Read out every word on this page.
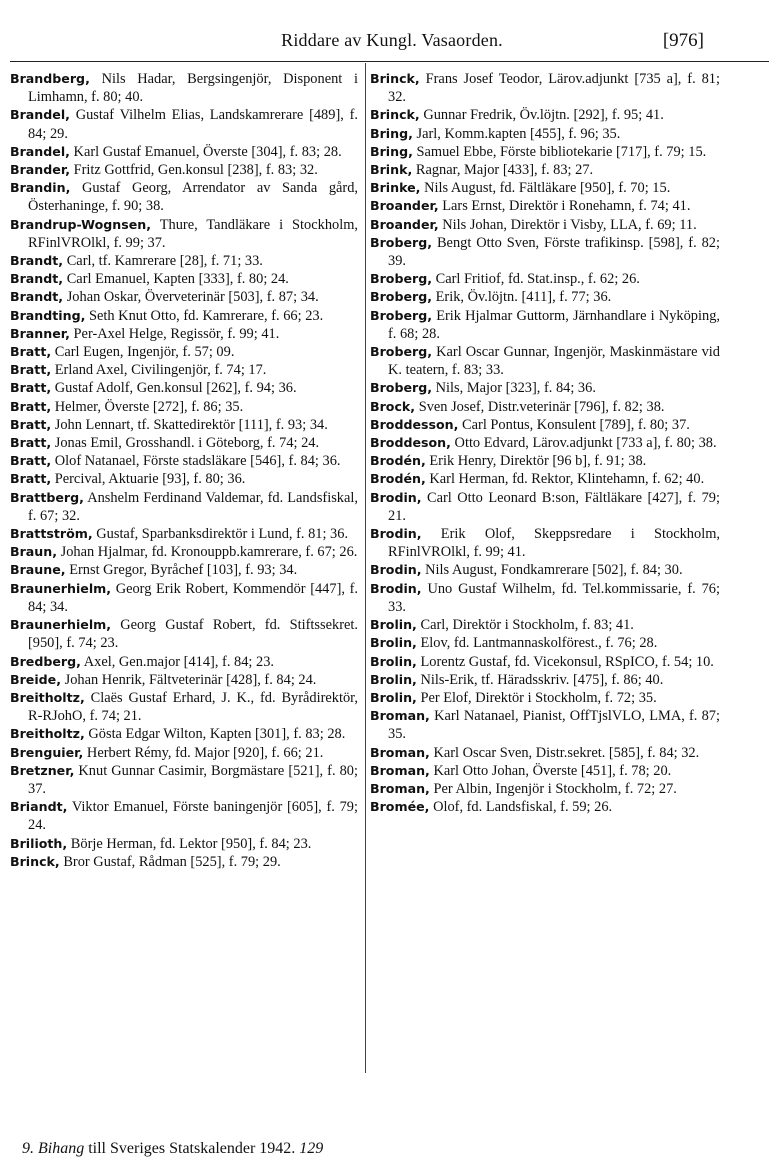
Riddare av Kungl. Vasaorden.	[976]

Brandberg, Nils Hadar, Bergsingenjör, Disponent i Limhamn, f. 80; 40.

Brandel, Gustaf Vilhelm Elias, Landskamrerare [489], f. 84; 29.

Brandel, Karl Gustaf Emanuel, Överste [304], f. 83; 28.

Brander, Fritz Gottfrid, Gen.konsul [238], f. 83; 32.

Brandin, Gustaf Georg, Arrendator av Sanda gård, Österhaninge, f. 90; 38.

Brandrup-Wognsen, Thure, Tandläkare i Stockholm, RFinlVROlkl, f. 99; 37.

Brandt, Carl, tf. Kamrerare [28], f. 71; 33.

Brandt, Carl Emanuel, Kapten [333], f. 80; 24.

Brandt, Johan Oskar, Överveterinär [503], f. 87; 34.

Brandting, Seth Knut Otto, fd. Kamrerare, f. 66; 23.

Branner, Per-Axel Helge, Regissör, f. 99; 41.

Bratt, Carl Eugen, Ingenjör, f. 57; 09.

Bratt, Erland Axel, Civilingenjör, f. 74; 17.

Bratt, Gustaf Adolf, Gen.konsul [262], f. 94; 36.

Bratt, Helmer, Överste [272], f. 86; 35.

Bratt, John Lennart, tf. Skattedirektör [111], f. 93; 34.

Bratt, Jonas Emil, Grosshandl. i Göteborg, f. 74; 24.

Bratt, Olof Natanael, Förste stadsläkare [546], f. 84; 36.

Bratt, Percival, Aktuarie [93], f. 80; 36.

Brattberg, Anshelm Ferdinand Valdemar, fd. Landsfiskal, f. 67; 32.

Brattström, Gustaf, Sparbanksdirektör i Lund, f. 81; 36.

Braun, Johan Hjalmar, fd. Kronouppb.kamrerare, f. 67; 26.

Braune, Ernst Gregor, Byråchef [103], f. 93; 34.

Braunerhielm, Georg Erik Robert, Kommendör [447], f. 84; 34.

Braunerhielm, Georg Gustaf Robert, fd. Stiftssekret. [950], f. 74; 23.

Bredberg, Axel, Gen.major [414], f. 84; 23.

Breide, Johan Henrik, Fältveterinär [428], f. 84; 24.

Breitholtz, Claës Gustaf Erhard, J. K., fd. Byrådirektör, R-RJohO, f. 74; 21.

Breitholtz, Gösta Edgar Wilton, Kapten [301], f. 83; 28.

Brenguier, Herbert Rémy, fd. Major [920], f. 66; 21.

Bretzner, Knut Gunnar Casimir, Borgmästare [521], f. 80; 37.

Briandt, Viktor Emanuel, Förste baningenjör [605], f. 79; 24.

Brilioth, Börje Herman, fd. Lektor [950], f. 84; 23.

Brinck, Bror Gustaf, Rådman [525], f. 79; 29.

Brinck, Frans Josef Teodor, Lärov.adjunkt [735 a], f. 81; 32.

Brinck, Gunnar Fredrik, Öv.löjtn. [292], f. 95; 41.

Bring, Jarl, Komm.kapten [455], f. 96; 35.

Bring, Samuel Ebbe, Förste bibliotekarie [717], f. 79; 15.

Brink, Ragnar, Major [433], f. 83; 27.

Brinke, Nils August, fd. Fältläkare [950], f. 70; 15.

Broander, Lars Ernst, Direktör i Ronehamn, f. 74; 41.

Broander, Nils Johan, Direktör i Visby, LLA, f. 69; 11.

Broberg, Bengt Otto Sven, Förste trafikinsp. [598], f. 82; 39.

Broberg, Carl Fritiof, fd. Stat.insp., f. 62; 26.

Broberg, Erik, Öv.löjtn. [411], f. 77; 36.

Broberg, Erik Hjalmar Guttorm, Järnhandlare i Nyköping, f. 68; 28.

Broberg, Karl Oscar Gunnar, Ingenjör, Maskinmästare vid K. teatern, f. 83; 33.

Broberg, Nils, Major [323], f. 84; 36.

Brock, Sven Josef, Distr.veterinär [796], f. 82; 38.

Broddesson, Carl Pontus, Konsulent [789], f. 80; 37.

Broddeson, Otto Edvard, Lärov.adjunkt [733 a], f. 80; 38.

Brodén, Erik Henry, Direktör [96 b], f. 91; 38.

Brodén, Karl Herman, fd. Rektor, Klintehamn, f. 62; 40.

Brodin, Carl Otto Leonard B:son, Fältläkare [427], f. 79; 21.

Brodin, Erik Olof, Skeppsredare i Stockholm, RFinlVROlkl, f. 99; 41.

Brodin, Nils August, Fondkamrerare [502], f. 84; 30.

Brodin, Uno Gustaf Wilhelm, fd. Tel.kommissarie, f. 76; 33.

Brolin, Carl, Direktör i Stockholm, f. 83; 41.

Brolin, Elov, fd. Lantmannaskolförest., f. 76; 28.

Brolin, Lorentz Gustaf, fd. Vicekonsul, RSpICO, f. 54; 10.

Brolin, Nils-Erik, tf. Häradsskriv. [475], f. 86; 40.

Brolin, Per Elof, Direktör i Stockholm, f. 72; 35.

Broman, Karl Natanael, Pianist, OffTjslVLO, LMA, f. 87; 35.

Broman, Karl Oscar Sven, Distr.sekret. [585], f. 84; 32.

Broman, Karl Otto Johan, Överste [451], f. 78; 20.

Broman, Per Albin, Ingenjör i Stockholm, f. 72; 27.

Bromée, Olof, fd. Landsfiskal, f. 59; 26.

9. Bihang till Sveriges Statskalender 1942. 129
